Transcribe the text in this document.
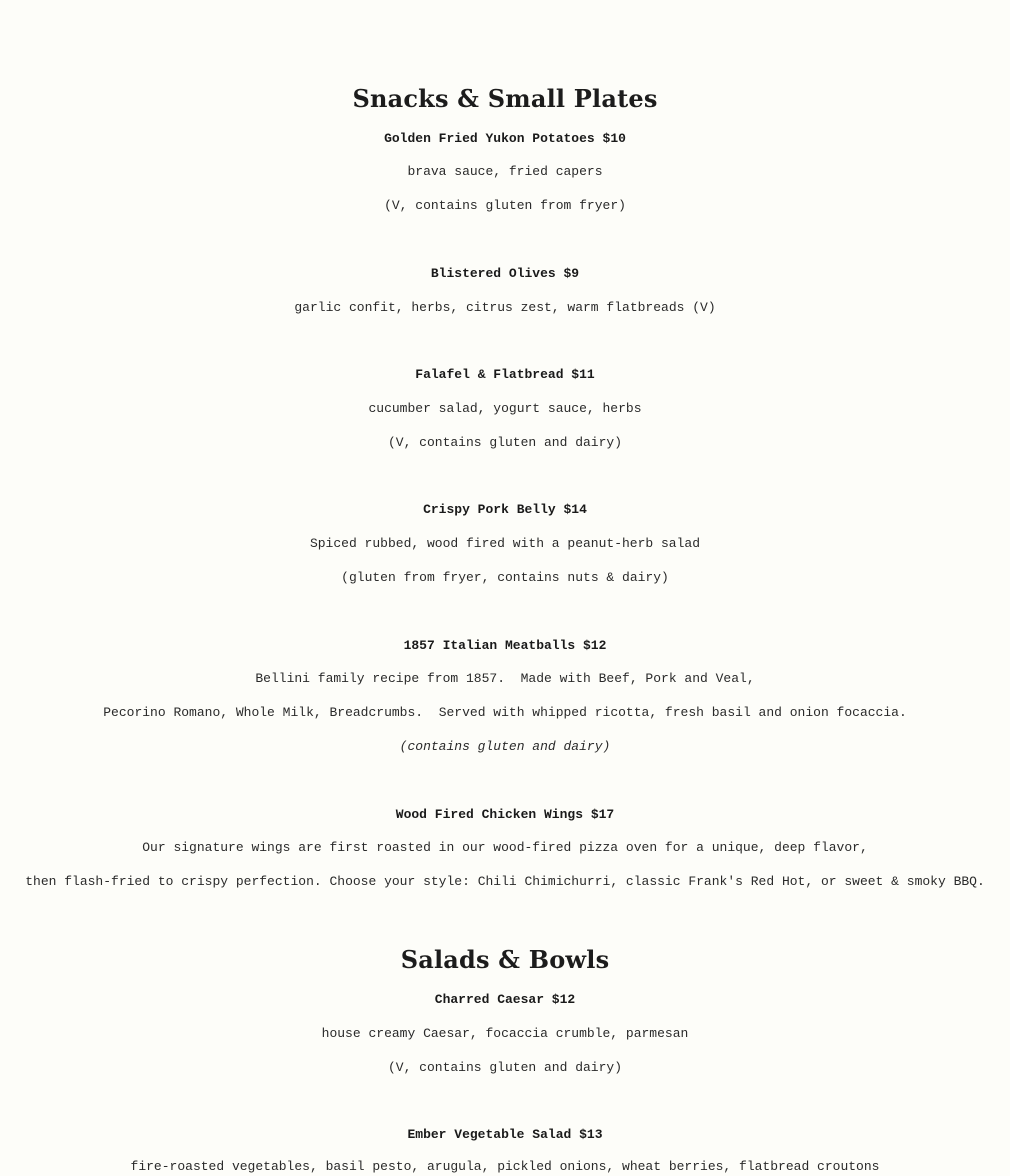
Snacks & Small Plates
Golden Fried Yukon Potatoes $10
brava sauce, fried capers
(V, contains gluten from fryer)
Blistered Olives $9
garlic confit, herbs, citrus zest, warm flatbreads (V)
Falafel & Flatbread $11
cucumber salad, yogurt sauce, herbs
(V, contains gluten and dairy)
Crispy Pork Belly $14
Spiced rubbed, wood fired with a peanut-herb salad
(gluten from fryer, contains nuts & dairy)
1857 Italian Meatballs $12
Bellini family recipe from 1857.  Made with Beef, Pork and Veal,
Pecorino Romano, Whole Milk, Breadcrumbs.  Served with whipped ricotta, fresh basil and onion focaccia.
(contains gluten and dairy)
Wood Fired Chicken Wings $17
Our signature wings are first roasted in our wood-fired pizza oven for a unique, deep flavor,
then flash-fried to crispy perfection. Choose your style: Chili Chimichurri, classic Frank's Red Hot, or sweet & smoky BBQ.
Salads & Bowls
Charred Caesar $12
house creamy Caesar, focaccia crumble, parmesan
(V, contains gluten and dairy)
Ember Vegetable Salad $13
fire-roasted vegetables, basil pesto, arugula, pickled onions, wheat berries, flatbread croutons
